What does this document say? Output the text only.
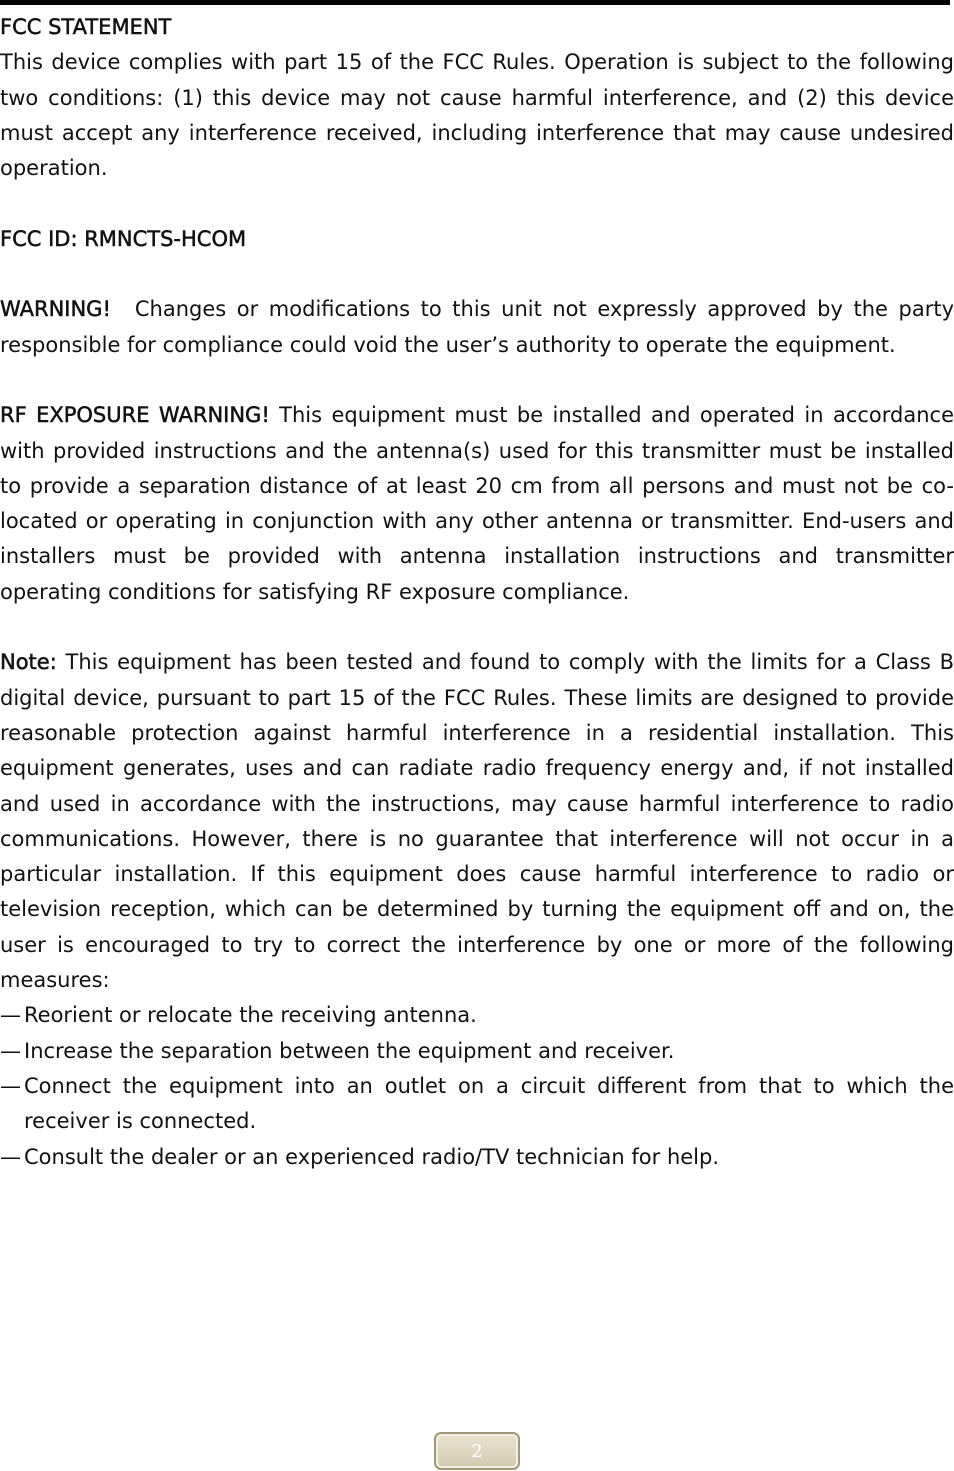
FCC STATEMENT

This device complies with part 15 of the FCC Rules. Operation is subject to the following two conditions: (1) this device may not cause harmful interference, and (2) this device must accept any interference received, including interference that may cause undesired operation.

FCC ID: RMNCTS-HCOM

WARNING! Changes or modifications to this unit not expressly approved by the party responsible for compliance could void the user’s authority to operate the equipment.

RF EXPOSURE WARNING! This equipment must be installed and operated in accordance with provided instructions and the antenna(s) used for this transmitter must be installed to provide a separation distance of at least 20 cm from all persons and must not be co-located or operating in conjunction with any other antenna or transmitter. End-users and installers must be provided with antenna installation instructions and transmitter operating conditions for satisfying RF exposure compliance.

Note: This equipment has been tested and found to comply with the limits for a Class B digital device, pursuant to part 15 of the FCC Rules. These limits are designed to provide reasonable protection against harmful interference in a residential installation. This equipment generates, uses and can radiate radio frequency energy and, if not installed and used in accordance with the instructions, may cause harmful interference to radio communications. However, there is no guarantee that interference will not occur in a particular installation. If this equipment does cause harmful interference to radio or television reception, which can be determined by turning the equipment off and on, the user is encouraged to try to correct the interference by one or more of the following measures:

— Reorient or relocate the receiving antenna.
— Increase the separation between the equipment and receiver.
— Connect the equipment into an outlet on a circuit different from that to which the receiver is connected.
— Consult the dealer or an experienced radio/TV technician for help.
2
